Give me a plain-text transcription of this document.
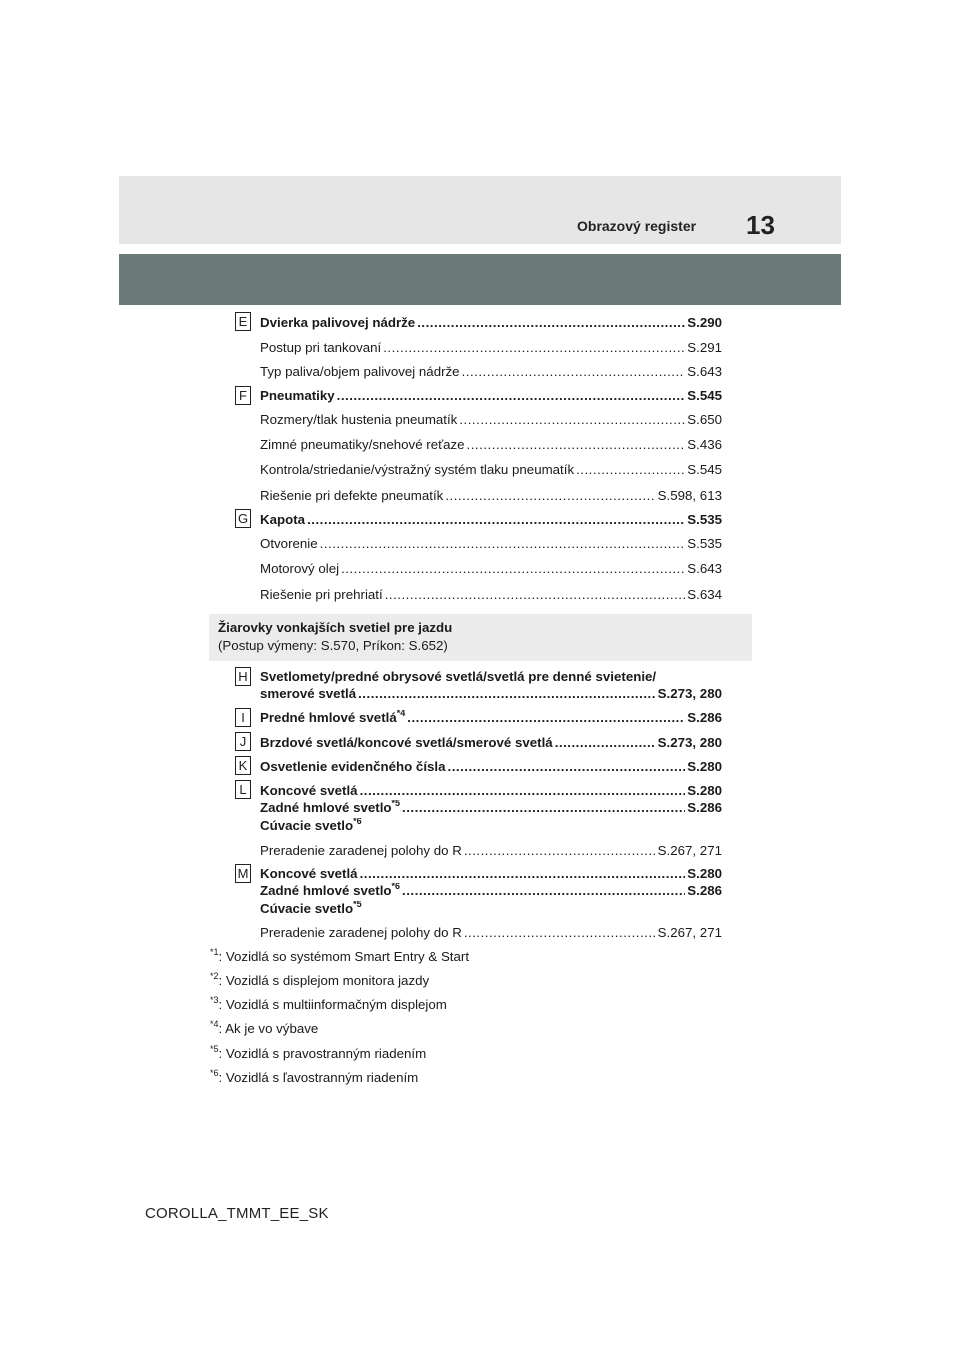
Obrazový register 13
E Dvierka palivovej nádrže .....	S.290
Postup pri tankovaní .....	S.291
Typ paliva/objem palivovej nádrže .....	S.643
F Pneumatiky .....	S.545
Rozmery/tlak hustenia pneumatík .....	S.650
Zimné pneumatiky/snehové reťaze .....	S.436
Kontrola/striedanie/výstražný systém tlaku pneumatík .....	S.545
Riešenie pri defekte pneumatík .....	S.598, 613
G Kapota .....	S.535
Otvorenie .....	S.535
Motorový olej .....	S.643
Riešenie pri prehriatí .....	S.634
Žiarovky vonkajších svetiel pre jazdu
(Postup výmeny: S.570, Príkon: S.652)
H Svetlomety/predné obrysové svetlá/svetlá pre denné svietenie/
smerové svetlá .....	S.273, 280
I	Predné hmlové svetlá$^{*4}$ .....	S.286
J	Brzdové svetlá/koncové svetlá/smerové svetlá .....	S.273, 280
K Osvetlenie evidenčného čísla .....	S.280
L	Koncové svetlá .....	S.280
Zadné hmlové svetlo$^{*5}$ .....	S.286
Cúvacie svetlo$^{*6}$
Preradenie zaradenej polohy do R .....	S.267, 271
M Koncové svetlá .....	S.280
Zadné hmlové svetlo$^{*6}$ .....	S.286
Cúvacie svetlo$^{*5}$
Preradenie zaradenej polohy do R .....	S.267, 271
$^{*1}$: Vozidlá so systémom Smart Entry & Start
$^{*2}$: Vozidlá s displejom monitora jazdy
$^{*3}$: Vozidlá s multiinformačným displejom
$^{*4}$: Ak je vo výbave
$^{*5}$: Vozidlá s pravostranným riadením
$^{*6}$: Vozidlá s ľavostranným riadením
COROLLA_TMMT_EE_SK
